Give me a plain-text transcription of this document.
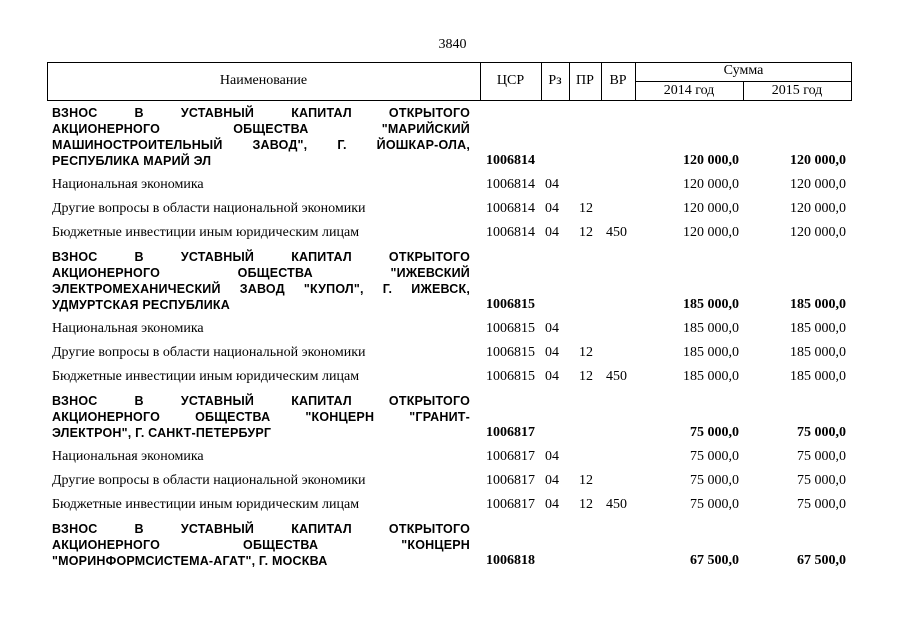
3840
Наименование	ЦСР	Рз	ПР	ВР
Сумма
2014 год	2015 год
ВЗНОС В УСТАВНЫЙ КАПИТАЛ ОТКРЫТОГО
АКЦИОНЕРНОГО ОБЩЕСТВА "МАРИЙСКИЙ
МАШИНОСТРОИТЕЛЬНЫЙ ЗАВОД", Г. ЙОШКАР-ОЛА,
РЕСПУБЛИКА МАРИЙ ЭЛ	1006814	120 000,0	120 000,0
Национальная экономика	1006814 04	120 000,0	120 000,0
Другие вопросы в области национальной экономики	1006814 04 12	120 000,0	120 000,0
Бюджетные инвестиции иным юридическим лицам	1006814 04 12 450	120 000,0	120 000,0
ВЗНОС В УСТАВНЫЙ КАПИТАЛ ОТКРЫТОГО
АКЦИОНЕРНОГО ОБЩЕСТВА "ИЖЕВСКИЙ
ЭЛЕКТРОМЕХАНИЧЕСКИЙ ЗАВОД "КУПОЛ", Г. ИЖЕВСК,
УДМУРТСКАЯ РЕСПУБЛИКА	1006815	185 000,0	185 000,0
Национальная экономика	1006815 04	185 000,0	185 000,0
Другие вопросы в области национальной экономики	1006815 04 12	185 000,0	185 000,0
Бюджетные инвестиции иным юридическим лицам	1006815 04 12 450	185 000,0	185 000,0
ВЗНОС В УСТАВНЫЙ КАПИТАЛ ОТКРЫТОГО
АКЦИОНЕРНОГО ОБЩЕСТВА "КОНЦЕРН "ГРАНИТ-
ЭЛЕКТРОН", Г. САНКТ-ПЕТЕРБУРГ	1006817	75 000,0	75 000,0
Национальная экономика	1006817 04	75 000,0	75 000,0
Другие вопросы в области национальной экономики	1006817 04 12	75 000,0	75 000,0
Бюджетные инвестиции иным юридическим лицам	1006817 04 12 450	75 000,0	75 000,0
ВЗНОС В УСТАВНЫЙ КАПИТАЛ ОТКРЫТОГО
АКЦИОНЕРНОГО ОБЩЕСТВА "КОНЦЕРН
"МОРИНФОРМСИСТЕМА-АГАТ", Г. МОСКВА	1006818	67 500,0	67 500,0
